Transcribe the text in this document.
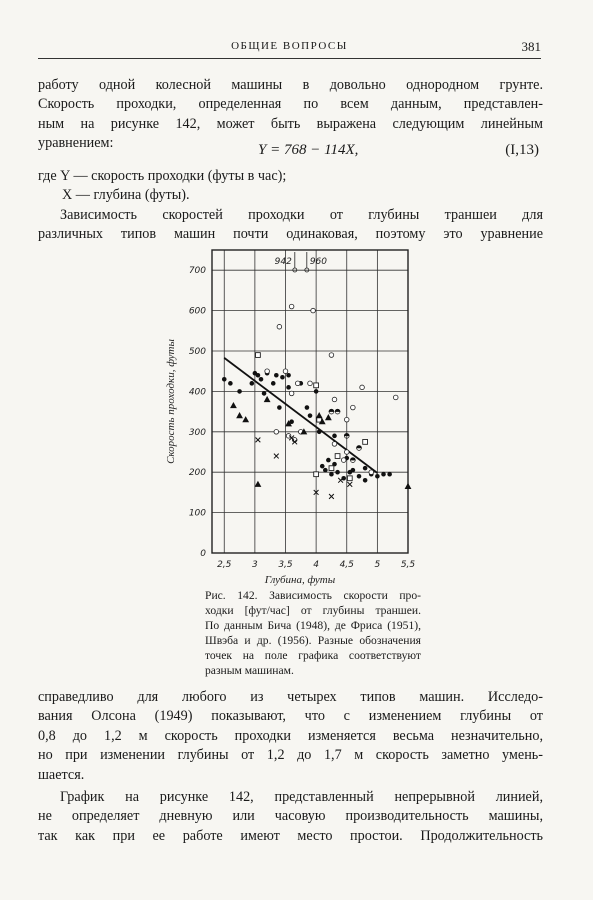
ОБЩИЕ ВОПРОСЫ	381
работу одной колесной машины в довольно однородном грунте.
Скорость проходки, определенная по всем данным, представлен-
ным на рисунке 142, может быть выражена следующим линейным
уравнением:	Y = 768 − 114X,	(I,13)
где Y — скорость проходки (футы в час);
X — глубина (футы).
Зависимость скоростей проходки от глубины траншеи для
различных типов машин почти одинаковая, поэтому это уравнение
2,5 3 3,5 4 4,5 5 5,5
0
100
200
300
400
500
600
700
Глубина, футы
Скорость проходки, футы
942 960
Рис. 142. Зависимость скорости про-
ходки [фут/час] от глубины траншеи.
По данным Бича (1948), де Фриса (1951),
Швэба и др. (1956). Разные обозначения
точек на поле графика соответствуют
разным машинам.
справедливо для любого из четырех типов машин. Исследо-
вания Олсона (1949) показывают, что с изменением глубины от
0,8 до 1,2 м скорость проходки изменяется весьма незначительно,
но при изменении глубины от 1,2 до 1,7 м скорость заметно умень-
шается.
График на рисунке 142, представленный непрерывной линией,
не определяет дневную или часовую производительность машины,
так как при ее работе имеют место простои. Продолжительность
